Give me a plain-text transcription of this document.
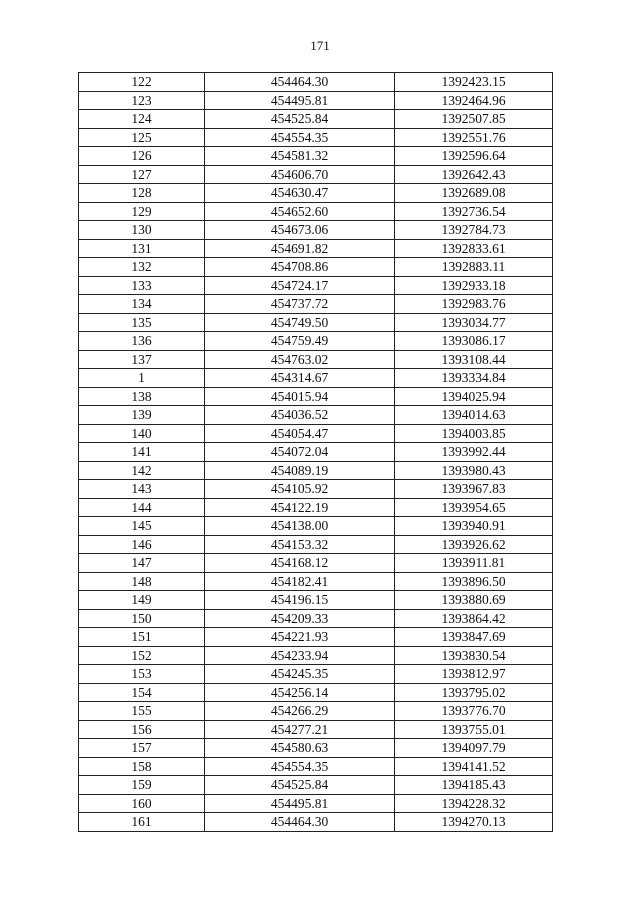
171
122	454464.30	1392423.15
123	454495.81	1392464.96
124	454525.84	1392507.85
125	454554.35	1392551.76
126	454581.32	1392596.64
127	454606.70	1392642.43
128	454630.47	1392689.08
129	454652.60	1392736.54
130	454673.06	1392784.73
131	454691.82	1392833.61
132	454708.86	1392883.11
133	454724.17	1392933.18
134	454737.72	1392983.76
135	454749.50	1393034.77
136	454759.49	1393086.17
137	454763.02	1393108.44
1	454314.67	1393334.84
138	454015.94	1394025.94
139	454036.52	1394014.63
140	454054.47	1394003.85
141	454072.04	1393992.44
142	454089.19	1393980.43
143	454105.92	1393967.83
144	454122.19	1393954.65
145	454138.00	1393940.91
146	454153.32	1393926.62
147	454168.12	1393911.81
148	454182.41	1393896.50
149	454196.15	1393880.69
150	454209.33	1393864.42
151	454221.93	1393847.69
152	454233.94	1393830.54
153	454245.35	1393812.97
154	454256.14	1393795.02
155	454266.29	1393776.70
156	454277.21	1393755.01
157	454580.63	1394097.79
158	454554.35	1394141.52
159	454525.84	1394185.43
160	454495.81	1394228.32
161	454464.30	1394270.13
